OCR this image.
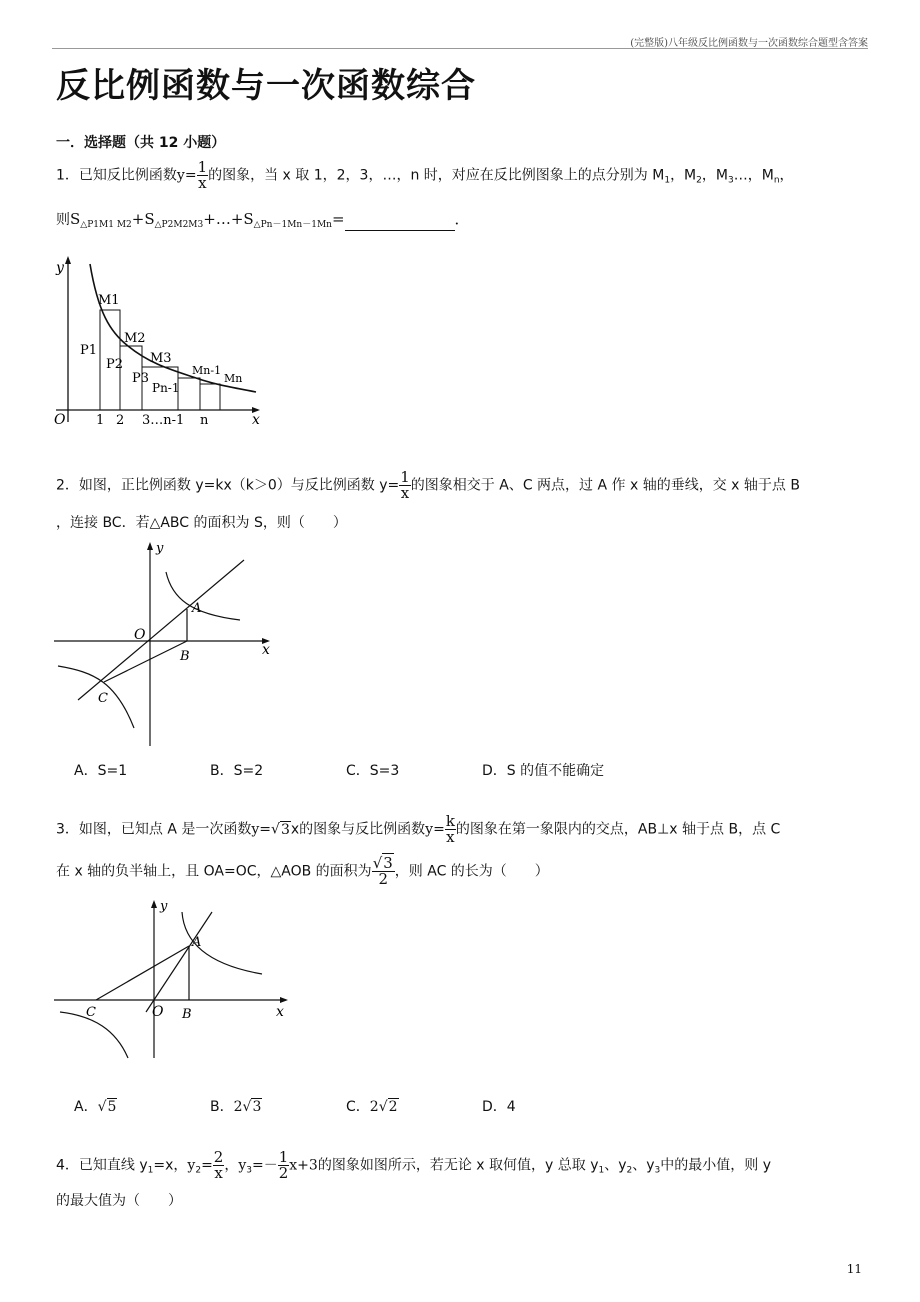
(完整版)八年级反比例函数与一次函数综合题型含答案
反比例函数与一次函数综合
一．选择题（共 12 小题）
1．已知反比例函数$y= \frac{1}{x}$ 的图象，当 x 取 1，2，3，…，n 时，对应在反比例图象上的点分别为 $M_1$，$M_2$，$M_3\dots$，$M_n$，
则$S_{\triangle P1M1}$ $_{M2}+S_{\triangle P2M2M3}+\dots+S_{\triangle Pn-1Mn-1Mn}=$　　　　　　	．
y
x
O
M1
M2
M3
Mn-1
Mn
P1
P2
P3
Pn-1
1 2 3…n-1 n
2．如图，正比例函数 y=kx（k＞0）与反比例函数 $y= \frac{1}{x}$ 的图象相交于 A、C 两点，过 A 作 x 轴的垂线，交 x 轴于点 B
，连接 BC．若△ABC 的面积为 S，则（　　）
y
x
O
A
B
C
A．S=1	B．S=2	C．S=3	D．S 的值不能确定
3．如图，已知点 A 是一次函数y=√3x的图象与反比例函数$y= \frac{k}{x}$ 的图象在第一象限内的交点，AB⊥x 轴于点 B，点 C
在 x 轴的负半轴上，且 OA=OC，△AOB 的面积为 $\frac{√3}{2}$ ，则 AC 的长为（　　）
y
x
O
A
B
C
A．√5	B．2√3	C．2√2	D．4
4．已知直线 $y_1=x$，$y_2= \frac{2}{x}$ ，$y_3=- \frac{1}{2} x+3$的图象如图所示，若无论 x 取何值，y 总取 $y_1$、$y_2$、$y_3$中的最小值，则 y
的最大值为（　　）
11
